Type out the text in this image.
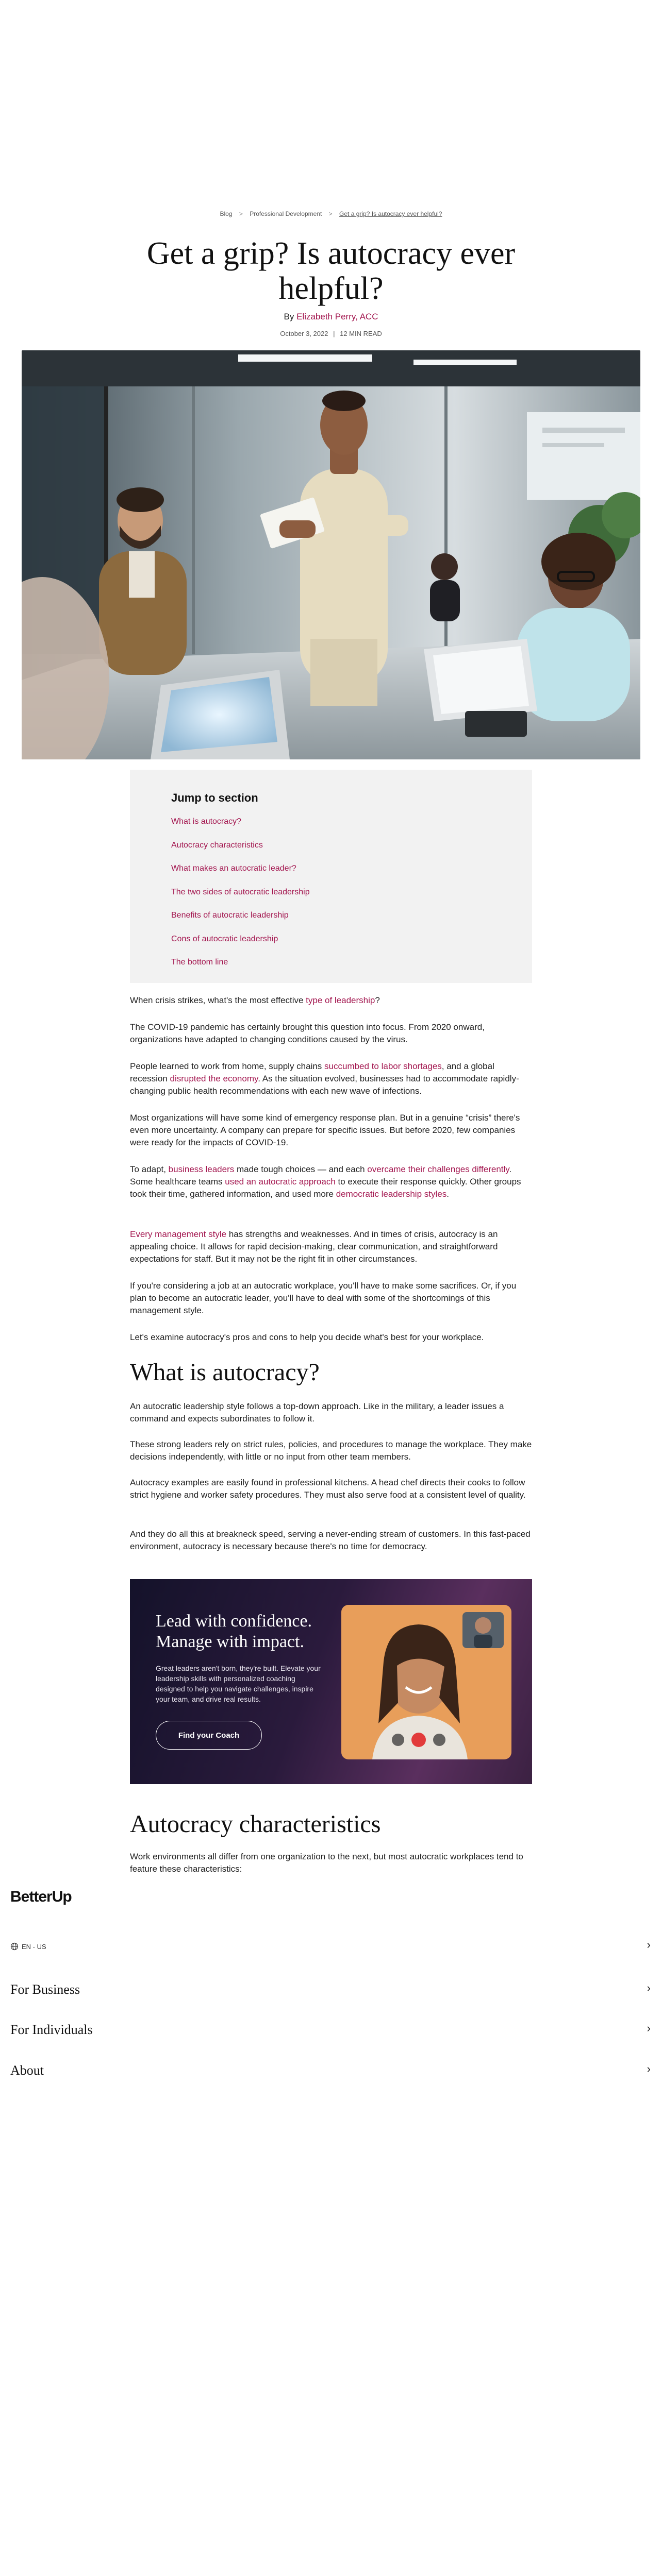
Blog > Professional Development > Get a grip? Is autocracy ever helpful?
Get a grip? Is autocracy ever helpful?
By Elizabeth Perry, ACC
October 3, 2022 | 12 MIN READ
Jump to section
What is autocracy?
Autocracy characteristics
What makes an autocratic leader?
The two sides of autocratic leadership
Benefits of autocratic leadership
Cons of autocratic leadership
The bottom line

When crisis strikes, what's the most effective type of leadership?

The COVID-19 pandemic has certainly brought this question into focus. From 2020 onward, organizations have adapted to changing conditions caused by the virus.

People learned to work from home, supply chains succumbed to labor shortages, and a global recession disrupted the economy. As the situation evolved, businesses had to accommodate rapidly-changing public health recommendations with each new wave of infections.

Most organizations will have some kind of emergency response plan. But in a genuine “crisis” there's even more uncertainty. A company can prepare for specific issues. But before 2020, few companies were ready for the impacts of COVID-19.

To adapt, business leaders made tough choices — and each overcame their challenges differently. Some healthcare teams used an autocratic approach to execute their response quickly. Other groups took their time, gathered information, and used more democratic leadership styles.

Every management style has strengths and weaknesses. And in times of crisis, autocracy is an appealing choice. It allows for rapid decision-making, clear communication, and straightforward expectations for staff. But it may not be the right fit in other circumstances.

If you're considering a job at an autocratic workplace, you'll have to make some sacrifices. Or, if you plan to become an autocratic leader, you'll have to deal with some of the shortcomings of this management style.

Let's examine autocracy's pros and cons to help you decide what's best for your workplace.

What is autocracy?

An autocratic leadership style follows a top-down approach. Like in the military, a leader issues a command and expects subordinates to follow it.

These strong leaders rely on strict rules, policies, and procedures to manage the workplace. They make decisions independently, with little or no input from other team members.

Autocracy examples are easily found in professional kitchens. A head chef directs their cooks to follow strict hygiene and worker safety procedures. They must also serve food at a consistent level of quality.

And they do all this at breakneck speed, serving a never-ending stream of customers. In this fast-paced environment, autocracy is necessary because there's no time for democracy.

Lead with confidence. Manage with impact.

Great leaders aren't born, they're built. Elevate your leadership skills with personalized coaching designed to help you navigate challenges, inspire your team, and drive real results.

Find your Coach
Autocracy characteristics

Work environments all differ from one organization to the next, but most autocratic workplaces tend to feature these characteristics:

BetterUp
EN - US	›
For Business	›
For Individuals	›
About	›
